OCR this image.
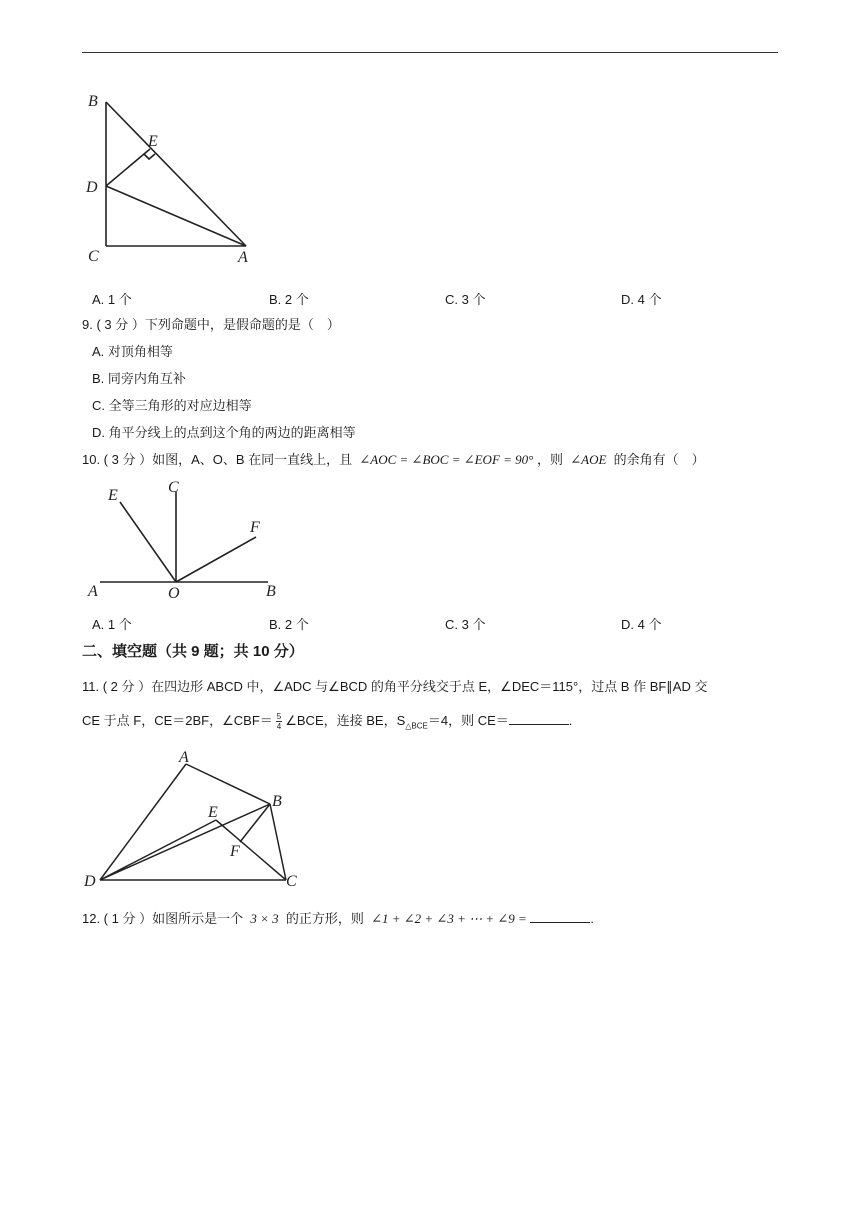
B
E
D
C	A
A. 1 个	B. 2 个	C. 3 个	D. 4 个
9. ( 3 分 ）下列命题中，是假命题的是（　）
A. 对顶角相等
B. 同旁内角互补
C. 全等三角形的对应边相等
D. 角平分线上的点到这个角的两边的距离相等
10. ( 3 分 ）如图，A、O、B 在同一直线上，且 ∠AOC = ∠BOC = ∠EOF = 90° ，则 ∠AOE 的余角有（　）
E	C
F
A	O	B
A. 1 个	B. 2 个	C. 3 个	D. 4 个
二、填空题（共 9 题；共 10 分）
11. ( 2 分 ）在四边形 ABCD 中，∠ADC 与∠BCD 的角平分线交于点 E，∠DEC＝115°，过点 B 作 BF∥AD 交
CE 于点 F，CE＝2BF，∠CBF＝ $\frac{5}{4}$ ∠BCE，连接 BE，$S_{\triangle BCE}=4$，则 CE＝	.
A
B
E
F
D	C
12. ( 1 分 ）如图所示是一个 3 × 3 的正方形，则 ∠1 + ∠2 + ∠3 + ⋯ + ∠9 =	.
